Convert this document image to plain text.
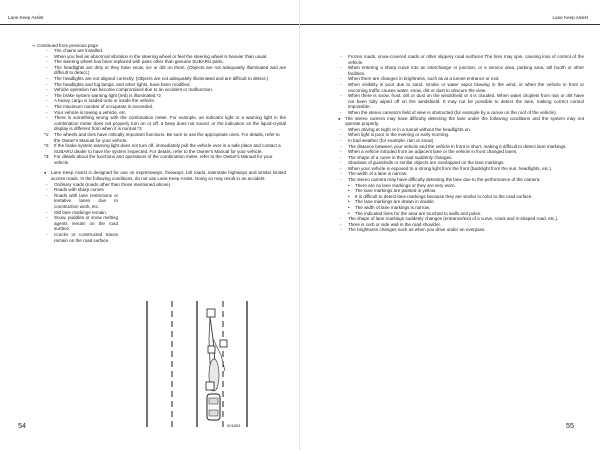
Lane Keep Assist	Lane Keep Assist
⇨ Continued from previous page
- Tire chains are installed.
- When you feel an abnormal vibration in the steering wheel or feel the steering wheel is heavier than usual.
- The steering wheel has been replaced with parts other than genuine SUBARU parts.
- The headlights are dirty or they have snow, ice or dirt on them. (Objects are not adequately illuminated and are difficult to detect.)
- The headlights are not aligned correctly. (Objects are not adequately illuminated and are difficult to detect.)
- The headlights and fog lamps, and other lights, have been modified.
- Vehicle operation has become compromised due to an accident or malfunction.
- The brake system warning light (red) is illuminated.*2
- A heavy cargo is loaded onto or inside the vehicle.
- The maximum number of occupants is exceeded.
- Your vehicle is towing a vehicle, etc.
- There is something wrong with the combination meter. For example, an indicator light or a warning light in the combination meter does not properly turn on or off, a beep does not sound, or the indication on the liquid-crystal display is different from when it is normal.*3
*1: The wheels and tires have critically important functions. Be sure to use the appropriate ones. For details, refer to the Owner's Manual for your vehicle.
*2: If the brake system warning light does not turn off, immediately pull the vehicle over in a safe place and contact a SUBARU dealer to have the system inspected. For details, refer to the Owner's Manual for your vehicle.
*3: For details about the functions and operations of the combination meter, refer to the Owner's Manual for your vehicle.
● Lane Keep Assist is designed for use on expressways, freeways, toll roads, interstate highways and similar limited access roads. In the following conditions, do not use Lane Keep Assist. Doing so may result in an accident.
- Ordinary roads (roads other than those mentioned above)
- Roads with sharp curves
- Roads with lane restrictions or tentative lanes due to construction work, etc.
- Old lane markings remain.
- Snow, puddles or snow melting agents remain on the road surface.
- Cracks or constructed traces remain on the road surface.
001803
- Frozen roads, snow-covered roads or other slippery road surfaces The tires may spin, causing loss of control of the vehicle.
- When entering a sharp curve into an interchange or junction, or a service area, parking area, toll booth or other facilities.
- When there are changes in brightness, such as at a tunnel entrance or exit.
- When visibility is poor due to sand, smoke or water vapor blowing in the wind, or when the vehicle in front or oncoming traffic causes water, snow, dirt or dust to obscure the view.
- When there is snow, frost, dirt or dust on the windshield or it is clouded. When water droplets from rain or dirt have not been fully wiped off on the windshield. It may not be possible to detect the lane, making correct control impossible.
- When the stereo camera's field of view is obstructed (for example by a canoe on the roof of the vehicle).
● The stereo camera may have difficulty detecting the lane under the following conditions and the system may not operate properly.
- When driving at night or in a tunnel without the headlights on.
- When light is poor in the evening or early morning.
- In bad weather (for example, rain or snow)
- The distance between your vehicle and the vehicle in front is short, making it difficult to detect lane markings.
- When a vehicle intruded from an adjacent lane or the vehicle in front changed lanes.
- The shape of a curve in the road suddenly changes.
- Shadows of guardrails or similar objects are overlapped on the lane markings.
- When your vehicle is exposed to a strong light from the front (backlight from the sun, headlights, etc.).
- The width of a lane is narrow.
- The stereo camera may have difficulty detecting the lane due to the performance of the camera.
• There are no lane markings or they are very worn.
• The lane markings are painted in yellow.
• It is difficult to detect lane markings because they are similar in color to the road surface.
• The lane markings are drawn in double.
• The width of lane markings is narrow.
• The indicated lines for the area are touched to walls and poles.
- The shape of lane markings suddenly changes (entrance/exit of a curve, crank and S-shaped road, etc.).
- There is curb or side wall in the road shoulder.
- The brightness changes such as when you drive under an overpass.
54	55
